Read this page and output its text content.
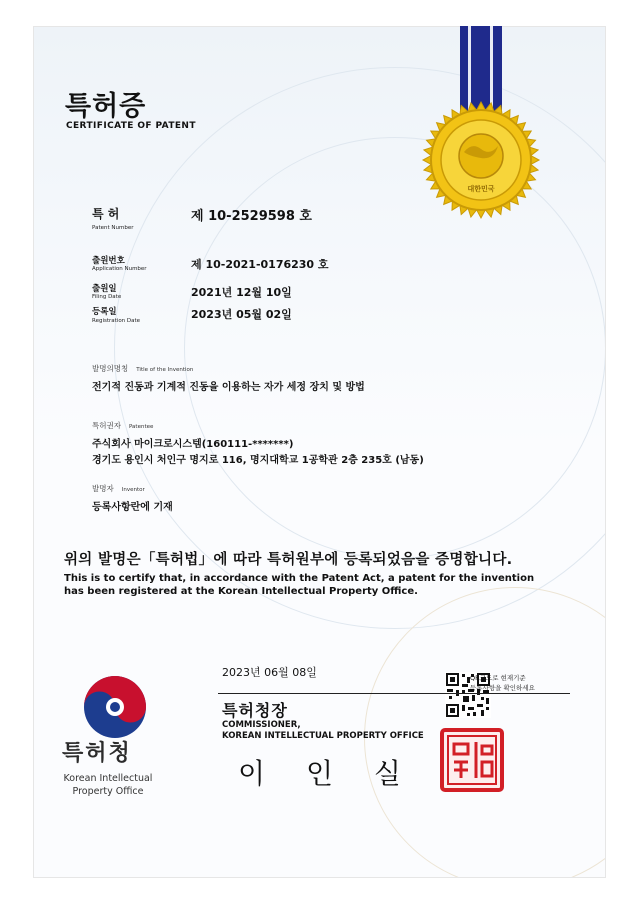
대한민국
특허증
CERTIFICATE OF PATENT
특 허
Patent Number
제 10-2529598 호
출원번호
Application Number	제 10-2021-0176230 호
출원일
Filing Date	2021년 12월 10일
등록일
Registration Date	2023년 05월 02일
발명의명칭 Title of the Invention
전기적 진동과 기계적 진동을 이용하는 자가 세정 장치 및 방법
특허권자 Patentee
주식회사 마이크로시스템(160111-*******)
경기도 용인시 처인구 명지로 116, 명지대학교 1공학관 2층 235호 (남동)
발명자 Inventor
등록사항란에 기재
위의 발명은「특허법」에 따라 특허원부에 등록되었음을 증명합니다.
This is to certify that, in accordance with the Patent Act, a patent for the invention
has been registered at the Korean Intellectual Property Office.
특허청
Korean Intellectual
Property Office
2023년 06월 08일	QR코드로 현재기준
등록사항을 확인하세요
특허청장
COMMISSIONER,
KOREAN INTELLECTUAL PROPERTY OFFICE
이 인 실
